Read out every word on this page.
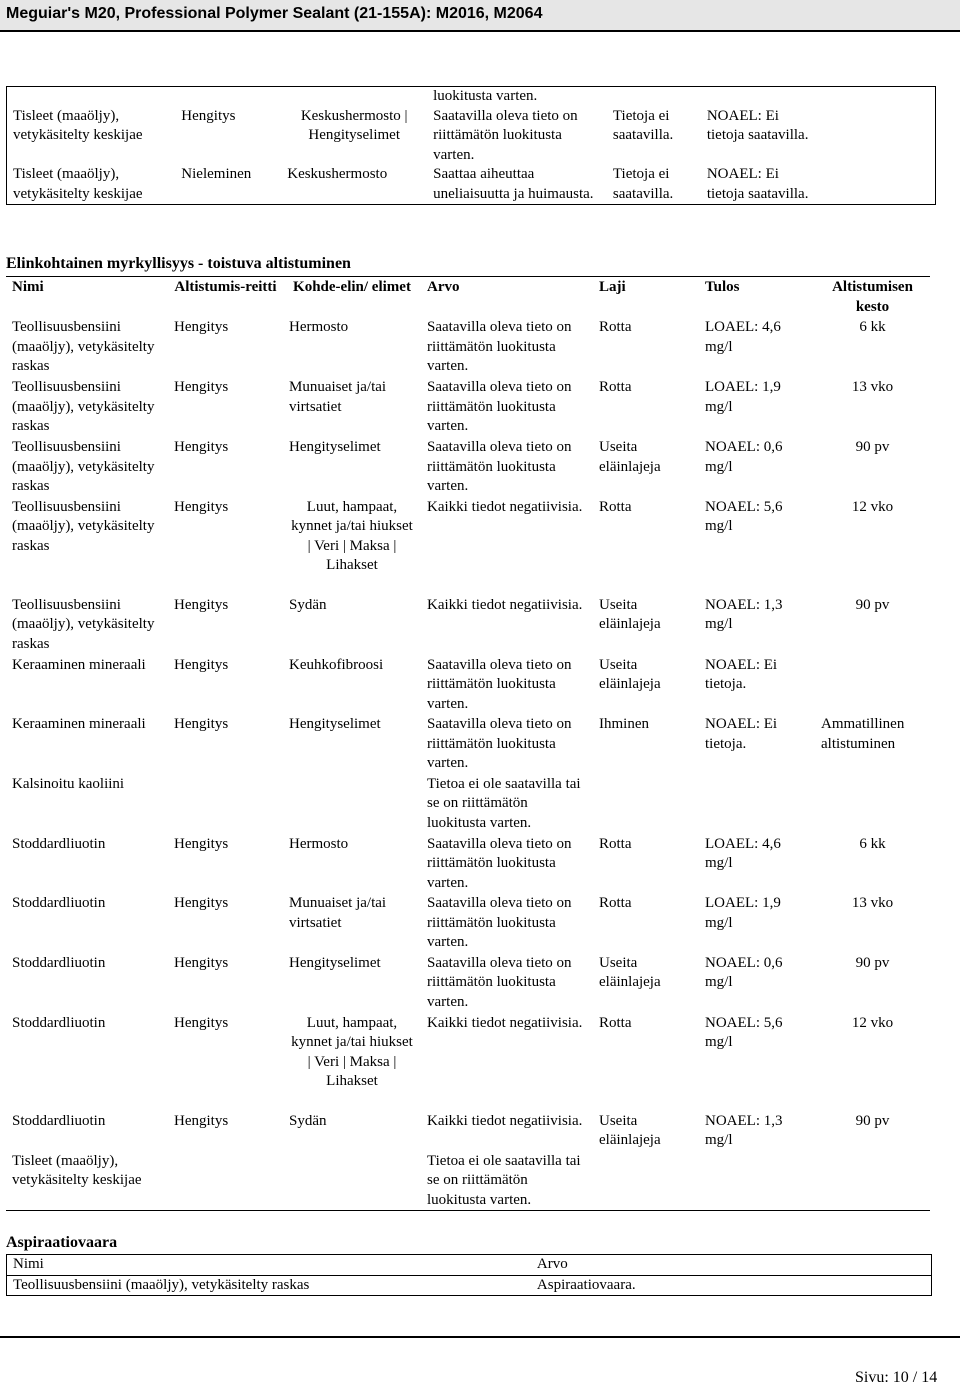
Meguiar's M20, Professional Polymer Sealant (21-155A): M2016, M2064
			luokitusta varten.			
Tisleet (maaöljy), vetykäsitelty keskijae	Hengitys	Keskushermosto | Hengityselimet	Saatavilla oleva tieto on riittämätön luokitusta varten.	Tietoja ei saatavilla.	NOAEL: Ei tietoja saatavilla.	
Tisleet (maaöljy), vetykäsitelty keskijae	Nieleminen	Keskushermosto	Saattaa aiheuttaa uneliaisuutta ja huimausta.	Tietoja ei saatavilla.	NOAEL: Ei tietoja saatavilla.	
Elinkohtainen myrkyllisyys - toistuva altistuminen
Nimi	Altistumis-reitti	Kohde-elin/ elimet	Arvo	Laji	Tulos	Altistumisen kesto
Teollisuusbensiini (maaöljy), vetykäsitelty raskas	Hengitys	Hermosto	Saatavilla oleva tieto on riittämätön luokitusta varten.	Rotta	LOAEL: 4,6 mg/l	6 kk
Teollisuusbensiini (maaöljy), vetykäsitelty raskas	Hengitys	Munuaiset ja/tai virtsatiet	Saatavilla oleva tieto on riittämätön luokitusta varten.	Rotta	LOAEL: 1,9 mg/l	13 vko
Teollisuusbensiini (maaöljy), vetykäsitelty raskas	Hengitys	Hengityselimet	Saatavilla oleva tieto on riittämätön luokitusta varten.	Useita eläinlajeja	NOAEL: 0,6 mg/l	90 pv
Teollisuusbensiini (maaöljy), vetykäsitelty raskas	Hengitys	Luut, hampaat, kynnet ja/tai hiukset | Veri | Maksa | Lihakset	Kaikki tiedot negatiivisia.	Rotta	NOAEL: 5,6 mg/l	12 vko
Teollisuusbensiini (maaöljy), vetykäsitelty raskas	Hengitys	Sydän	Kaikki tiedot negatiivisia.	Useita eläinlajeja	NOAEL: 1,3 mg/l	90 pv
Keraaminen mineraali	Hengitys	Keuhkofibroosi	Saatavilla oleva tieto on riittämätön luokitusta varten.	Useita eläinlajeja	NOAEL: Ei tietoja.	
Keraaminen mineraali	Hengitys	Hengityselimet	Saatavilla oleva tieto on riittämätön luokitusta varten.	Ihminen	NOAEL: Ei tietoja.	Ammatillinen altistuminen
Kalsinoitu kaoliini			Tietoa ei ole saatavilla tai se on riittämätön luokitusta varten.			
Stoddardliuotin	Hengitys	Hermosto	Saatavilla oleva tieto on riittämätön luokitusta varten.	Rotta	LOAEL: 4,6 mg/l	6 kk
Stoddardliuotin	Hengitys	Munuaiset ja/tai virtsatiet	Saatavilla oleva tieto on riittämätön luokitusta varten.	Rotta	LOAEL: 1,9 mg/l	13 vko
Stoddardliuotin	Hengitys	Hengityselimet	Saatavilla oleva tieto on riittämätön luokitusta varten.	Useita eläinlajeja	NOAEL: 0,6 mg/l	90 pv
Stoddardliuotin	Hengitys	Luut, hampaat, kynnet ja/tai hiukset | Veri | Maksa | Lihakset	Kaikki tiedot negatiivisia.	Rotta	NOAEL: 5,6 mg/l	12 vko
Stoddardliuotin	Hengitys	Sydän	Kaikki tiedot negatiivisia.	Useita eläinlajeja	NOAEL: 1,3 mg/l	90 pv
Tisleet (maaöljy), vetykäsitelty keskijae			Tietoa ei ole saatavilla tai se on riittämätön luokitusta varten.			
Aspiraatiovaara
Nimi	Arvo
Teollisuusbensiini (maaöljy), vetykäsitelty raskas	Aspiraatiovaara.
Sivu: 10 / 14
